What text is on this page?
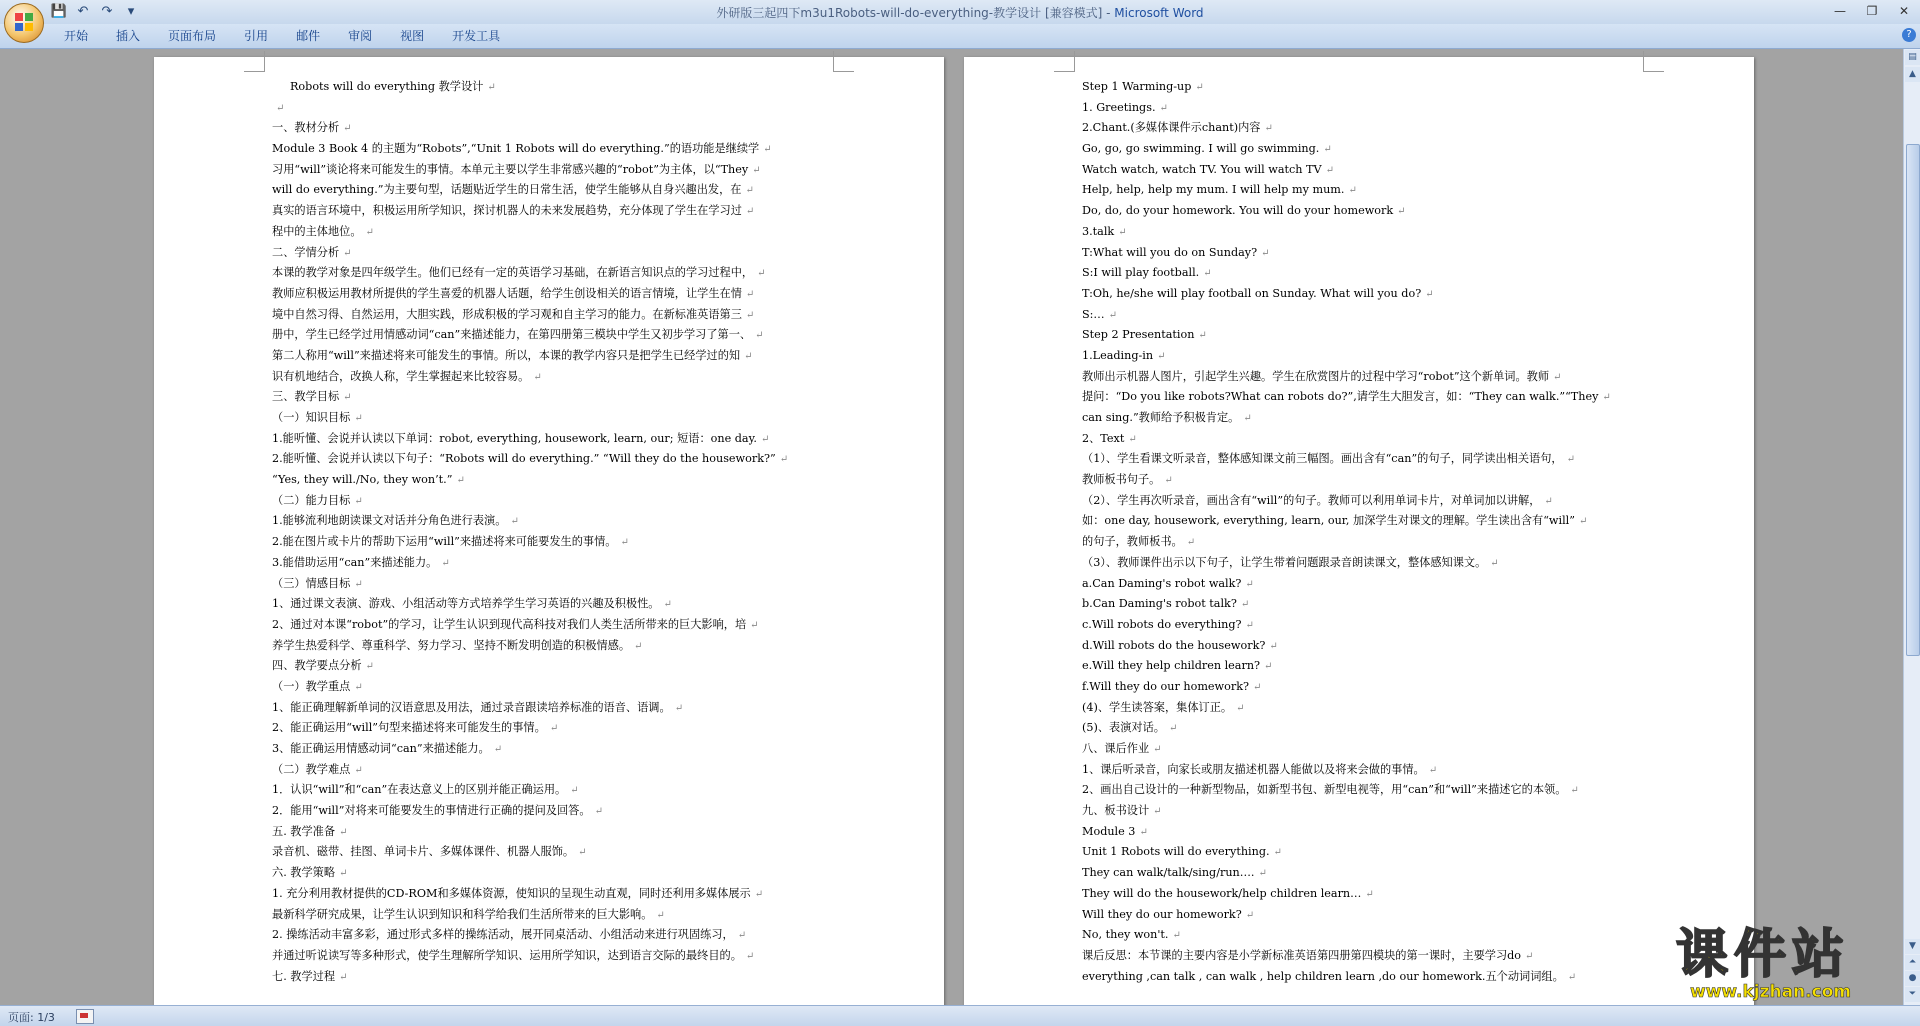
💾 ↶ ↷	▾	外研版三起四下m3u1Robots-will-do-everything-教学设计 [兼容模式] - Microsoft Word	—	❐	✕
开始	插入	页面布局	引用	邮件	审阅	视图	开发工具	?
Robots will do everything 教学设计 ↵
↵
一、教材分析 ↵
Module 3 Book 4 的主题为“Robots”,“Unit 1 Robots will do everything.”的语功能是继续学 ↵
习用“will”谈论将来可能发生的事情。本单元主要以学生非常感兴趣的“robot”为主体，以“They ↵
will do everything.”为主要句型，话题贴近学生的日常生活，使学生能够从自身兴趣出发，在 ↵
真实的语言环境中，积极运用所学知识，探讨机器人的未来发展趋势，充分体现了学生在学习过 ↵
程中的主体地位。 ↵
二、学情分析 ↵
本课的教学对象是四年级学生。他们已经有一定的英语学习基础，在新语言知识点的学习过程中， ↵
教师应积极运用教材所提供的学生喜爱的机器人话题，给学生创设相关的语言情境，让学生在情 ↵
境中自然习得、自然运用，大胆实践，形成积极的学习观和自主学习的能力。在新标准英语第三 ↵
册中，学生已经学过用情感动词“can”来描述能力，在第四册第三模块中学生又初步学习了第一、 ↵
第二人称用“will”来描述将来可能发生的事情。所以，本课的教学内容只是把学生已经学过的知 ↵
识有机地结合，改换人称，学生掌握起来比较容易。 ↵
三、教学目标 ↵
（一）知识目标 ↵
1.能听懂、会说并认读以下单词：robot, everything, housework, learn, our; 短语：one day. ↵
2.能听懂、会说并认读以下句子：“Robots will do everything.” “Will they do the housework?” ↵
“Yes, they will./No, they won’t.” ↵
（二）能力目标 ↵
1.能够流利地朗读课文对话并分角色进行表演。 ↵
2.能在图片或卡片的帮助下运用“will”来描述将来可能要发生的事情。 ↵
3.能借助运用“can”来描述能力。 ↵
（三）情感目标 ↵
1、通过课文表演、游戏、小组活动等方式培养学生学习英语的兴趣及积极性。 ↵
2、通过对本课“robot”的学习，让学生认识到现代高科技对我们人类生活所带来的巨大影响，培 ↵
养学生热爱科学、尊重科学、努力学习、坚持不断发明创造的积极情感。 ↵
四、教学要点分析 ↵
（一）教学重点 ↵
1、能正确理解新单词的汉语意思及用法，通过录音跟读培养标准的语音、语调。 ↵
2、能正确运用“will”句型来描述将来可能发生的事情。 ↵
3、能正确运用情感动词“can”来描述能力。 ↵
（二）教学难点 ↵
1．认识“will”和“can”在表达意义上的区别并能正确运用。 ↵
2．能用“will”对将来可能要发生的事情进行正确的提问及回答。 ↵
五. 教学准备 ↵
录音机、磁带、挂图、单词卡片、多媒体课件、机器人服饰。 ↵
六. 教学策略 ↵
1. 充分利用教材提供的CD-ROM和多媒体资源，使知识的呈现生动直观，同时还利用多媒体展示 ↵
最新科学研究成果，让学生认识到知识和科学给我们生活所带来的巨大影响。 ↵
2. 操练活动丰富多彩，通过形式多样的操练活动，展开同桌活动、小组活动来进行巩固练习， ↵
并通过听说读写等多种形式，使学生理解所学知识、运用所学知识，达到语言交际的最终目的。 ↵
七. 教学过程 ↵
Step 1 Warming-up ↵
1. Greetings. ↵
2.Chant.(多媒体课件示chant)内容 ↵
Go, go, go swimming. I will go swimming. ↵
Watch watch, watch TV. You will watch TV ↵
Help, help, help my mum. I will help my mum. ↵
Do, do, do your homework. You will do your homework ↵
3.talk ↵
T:What will you do on Sunday? ↵
S:I will play football. ↵
T:Oh, he/she will play football on Sunday. What will you do? ↵
S:… ↵
Step 2 Presentation ↵
1.Leading-in ↵
教师出示机器人图片，引起学生兴趣。学生在欣赏图片的过程中学习“robot”这个新单词。教师 ↵
提问：“Do you like robots?What can robots do?”,请学生大胆发言，如：“They can walk.”“They ↵
can sing.”教师给予积极肯定。 ↵
2、Text ↵
（1）、学生看课文听录音，整体感知课文前三幅图。画出含有“can”的句子，同学读出相关语句， ↵
教师板书句子。 ↵
（2）、学生再次听录音，画出含有“will”的句子。教师可以利用单词卡片，对单词加以讲解， ↵
如：one day, housework, everything, learn, our, 加深学生对课文的理解。学生读出含有“will” ↵
的句子，教师板书。 ↵
（3）、教师课件出示以下句子，让学生带着问题跟录音朗读课文，整体感知课文。 ↵
a.Can Daming's robot walk? ↵
b.Can Daming's robot talk? ↵
c.Will robots do everything? ↵
d.Will robots do the housework? ↵
e.Will they help children learn? ↵
f.Will they do our homework? ↵
(4)、学生读答案，集体订正。 ↵
(5)、表演对话。 ↵
八、课后作业 ↵
1、课后听录音，向家长或朋友描述机器人能做以及将来会做的事情。 ↵
2、画出自己设计的一种新型物品，如新型书包、新型电视等，用“can”和“will”来描述它的本领。 ↵
九、板书设计 ↵
Module 3 ↵
Unit 1 Robots will do everything. ↵
They can walk/talk/sing/run…. ↵
They will do the housework/help children learn… ↵
Will they do our homework? ↵
No, they won't. ↵
课后反思：本节课的主要内容是小学新标准英语第四册第四模块的第一课时，主要学习do ↵
everything ,can talk , can walk , help children learn ,do our homework.五个动词词组。 ↵
▤
▲
▼
⏶
●
⏷
页面: 1/3
课件站
www.kjzhan.com
